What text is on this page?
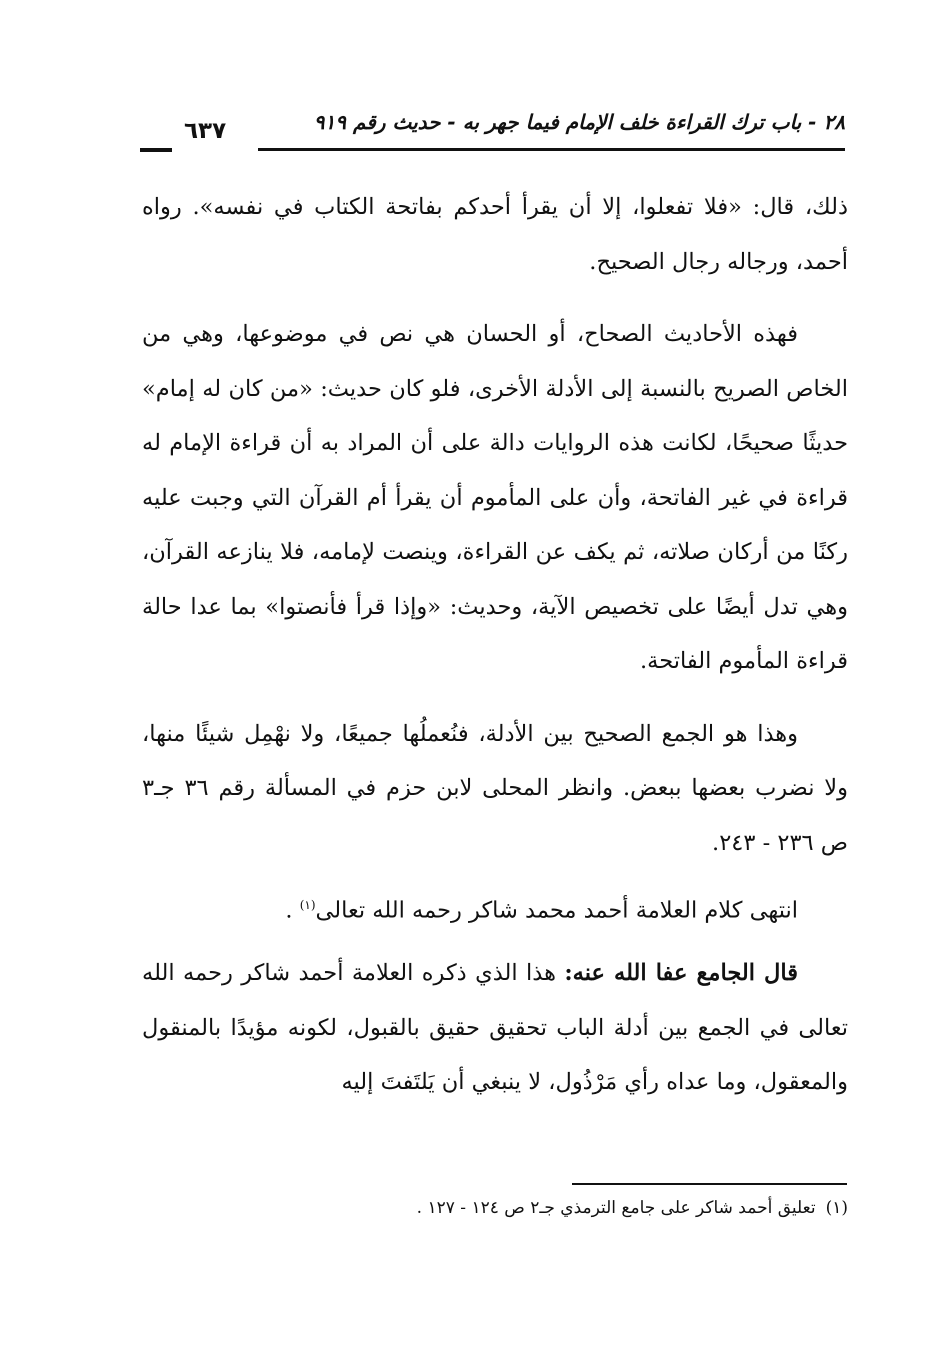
٢٨ - باب ترك القراءة خلف الإمام فيما جهر به - حديث رقم ٩١٩
٦٣٧

ذلك، قال: «فلا تفعلوا، إلا أن يقرأ أحدكم بفاتحة الكتاب في نفسه». رواه أحمد، ورجاله رجال الصحيح.

فهذه الأحاديث الصحاح، أو الحسان هي نص في موضوعها، وهي من الخاص الصريح بالنسبة إلى الأدلة الأخرى، فلو كان حديث: «من كان له إمام» حديثًا صحيحًا، لكانت هذه الروايات دالة على أن المراد به أن قراءة الإمام له قراءة في غير الفاتحة، وأن على المأموم أن يقرأ أم القرآن التي وجبت عليه ركنًا من أركان صلاته، ثم يكف عن القراءة، وينصت لإمامه، فلا ينازعه القرآن، وهي تدل أيضًا على تخصيص الآية، وحديث: «وإذا قرأ فأنصتوا» بما عدا حالة قراءة المأموم الفاتحة.

وهذا هو الجمع الصحيح بين الأدلة، فنُعملُها جميعًا، ولا نهْمِل شيئًا منها، ولا نضرب بعضها ببعض. وانظر المحلى لابن حزم في المسألة رقم ٣٦ جـ٣ ص ٢٣٦ - ٢٤٣.

انتهى كلام العلامة أحمد محمد شاكر رحمه الله تعالى$^{(١)}$ .

قال الجامع عفا الله عنه: هذا الذي ذكره العلامة أحمد شاكر رحمه الله تعالى في الجمع بين أدلة الباب تحقيق حقيق بالقبول، لكونه مؤيدًا بالمنقول والمعقول، وما عداه رأي مَرْذُول، لا ينبغي أن يَلتَفتَ إليه

(١)تعليق أحمد شاكر على جامع الترمذي جـ٢ ص ١٢٤ - ١٢٧ .
